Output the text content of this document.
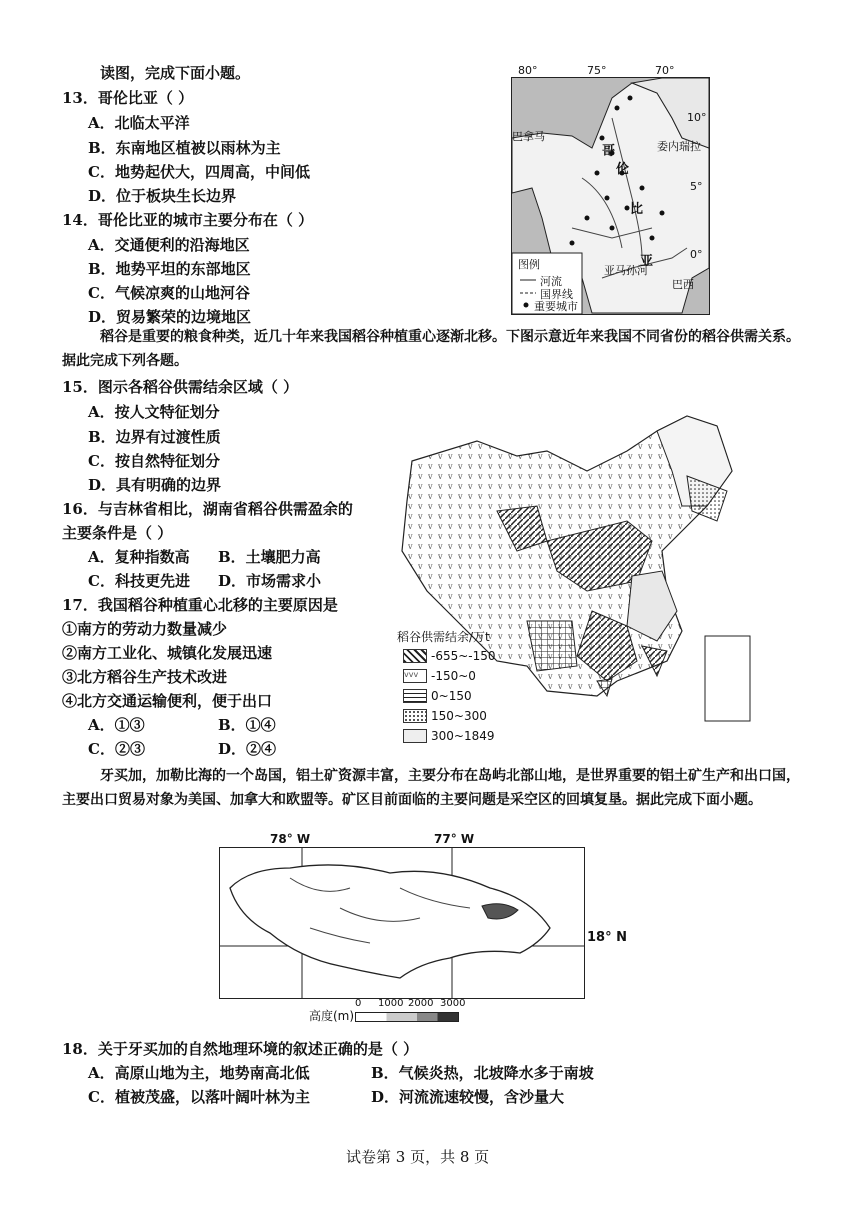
读图，完成下面小题。
13．哥伦比亚（ ）
A．北临太平洋
B．东南地区植被以雨林为主
C．地势起伏大，四周高，中间低
D．位于板块生长边界
14．哥伦比亚的城市主要分布在（ ）
A．交通便利的沿海地区
B．地势平坦的东部地区
C．气候凉爽的山地河谷
D．贸易繁荣的边境地区
80°	75°	70°
10°
5°
0°
巴拿马
委内瑞拉
哥
伦
比
亚
亚马孙河
巴西
图例
河流
国界线
重要城市
稻谷是重要的粮食种类，近几十年来我国稻谷种植重心逐渐北移。下图示意近年来我国不同省份的稻谷供需关系。据此完成下列各题。
15．图示各稻谷供需结余区域（ ）
A．按人文特征划分
B．边界有过渡性质
C．按自然特征划分
D．具有明确的边界
16．与吉林省相比，湖南省稻谷供需盈余的
主要条件是（ ）
A．复种指数高 B．土壤肥力高
C．科技更先进 D．市场需求小
17．我国稻谷种植重心北移的主要原因是
①南方的劳动力数量减少
②南方工业化、城镇化发展迅速
③北方稻谷生产技术改进
④北方交通运输便利，便于出口
A．①③	B．①④
C．②③	D．②④
稻谷供需结余/万t
-655~-150
vvv	-150~0
0~150
150~300
300~1849
牙买加，加勒比海的一个岛国，铝土矿资源丰富，主要分布在岛屿北部山地，是世界重要的铝土矿生产和出口国，主要出口贸易对象为美国、加拿大和欧盟等。矿区目前面临的主要问题是采空区的回填复垦。据此完成下面小题。
78° W	77° W
18° N
高度(m)
0 1000 2000 3000
18．关于牙买加的自然地理环境的叙述正确的是（ ）
A．高原山地为主，地势南高北低	B．气候炎热，北坡降水多于南坡
C．植被茂盛，以落叶阔叶林为主	D．河流流速较慢，含沙量大
试卷第 3 页，共 8 页
